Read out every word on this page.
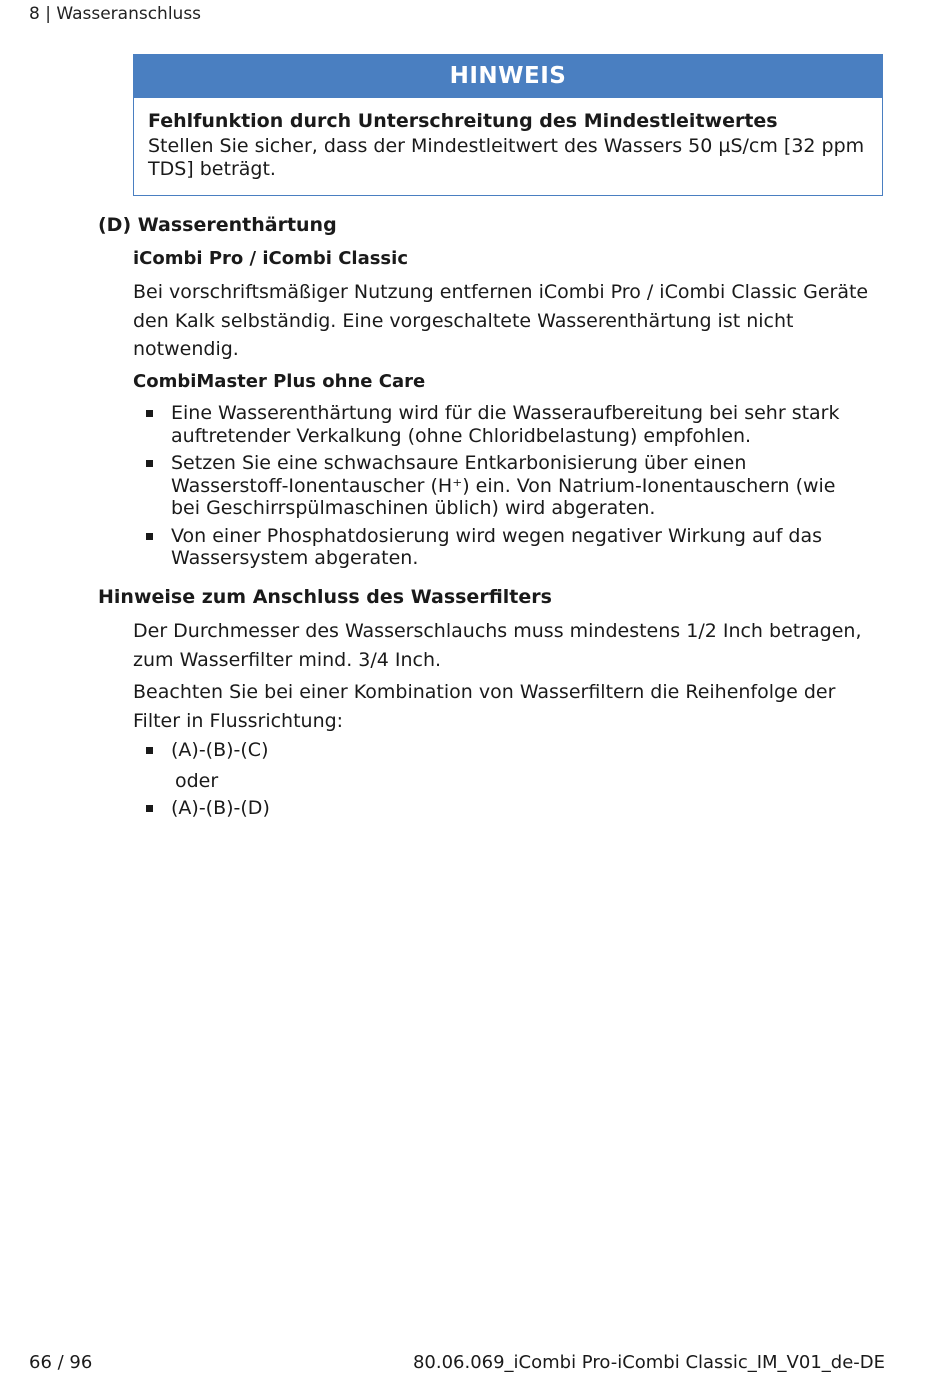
8 | Wasseranschluss
HINWEIS
Fehlfunktion durch Unterschreitung des Mindestleitwertes
Stellen Sie sicher, dass der Mindestleitwert des Wassers 50 µS/cm [32 ppm TDS] beträgt.
(D) Wasserenthärtung
iCombi Pro / iCombi Classic
Bei vorschriftsmäßiger Nutzung entfernen iCombi Pro / iCombi Classic Geräte den Kalk selbständig. Eine vorgeschaltete Wasserenthärtung ist nicht notwendig.
CombiMaster Plus ohne Care
Eine Wasserenthärtung wird für die Wasseraufbereitung bei sehr stark auftretender Verkalkung (ohne Chloridbelastung) empfohlen.
Setzen Sie eine schwachsaure Entkarbonisierung über einen Wasserstoff-Ionentauscher (H⁺) ein. Von Natrium-Ionentauschern (wie bei Geschirrspülmaschinen üblich) wird abgeraten.
Von einer Phosphatdosierung wird wegen negativer Wirkung auf das Wassersystem abgeraten.
Hinweise zum Anschluss des Wasserfilters
Der Durchmesser des Wasserschlauchs muss mindestens 1/2 Inch betragen, zum Wasserfilter mind. 3/4 Inch.
Beachten Sie bei einer Kombination von Wasserfiltern die Reihenfolge der Filter in Flussrichtung:
(A)-(B)-(C)
oder
(A)-(B)-(D)
66 / 96	80.06.069_iCombi Pro-iCombi Classic_IM_V01_de-DE
